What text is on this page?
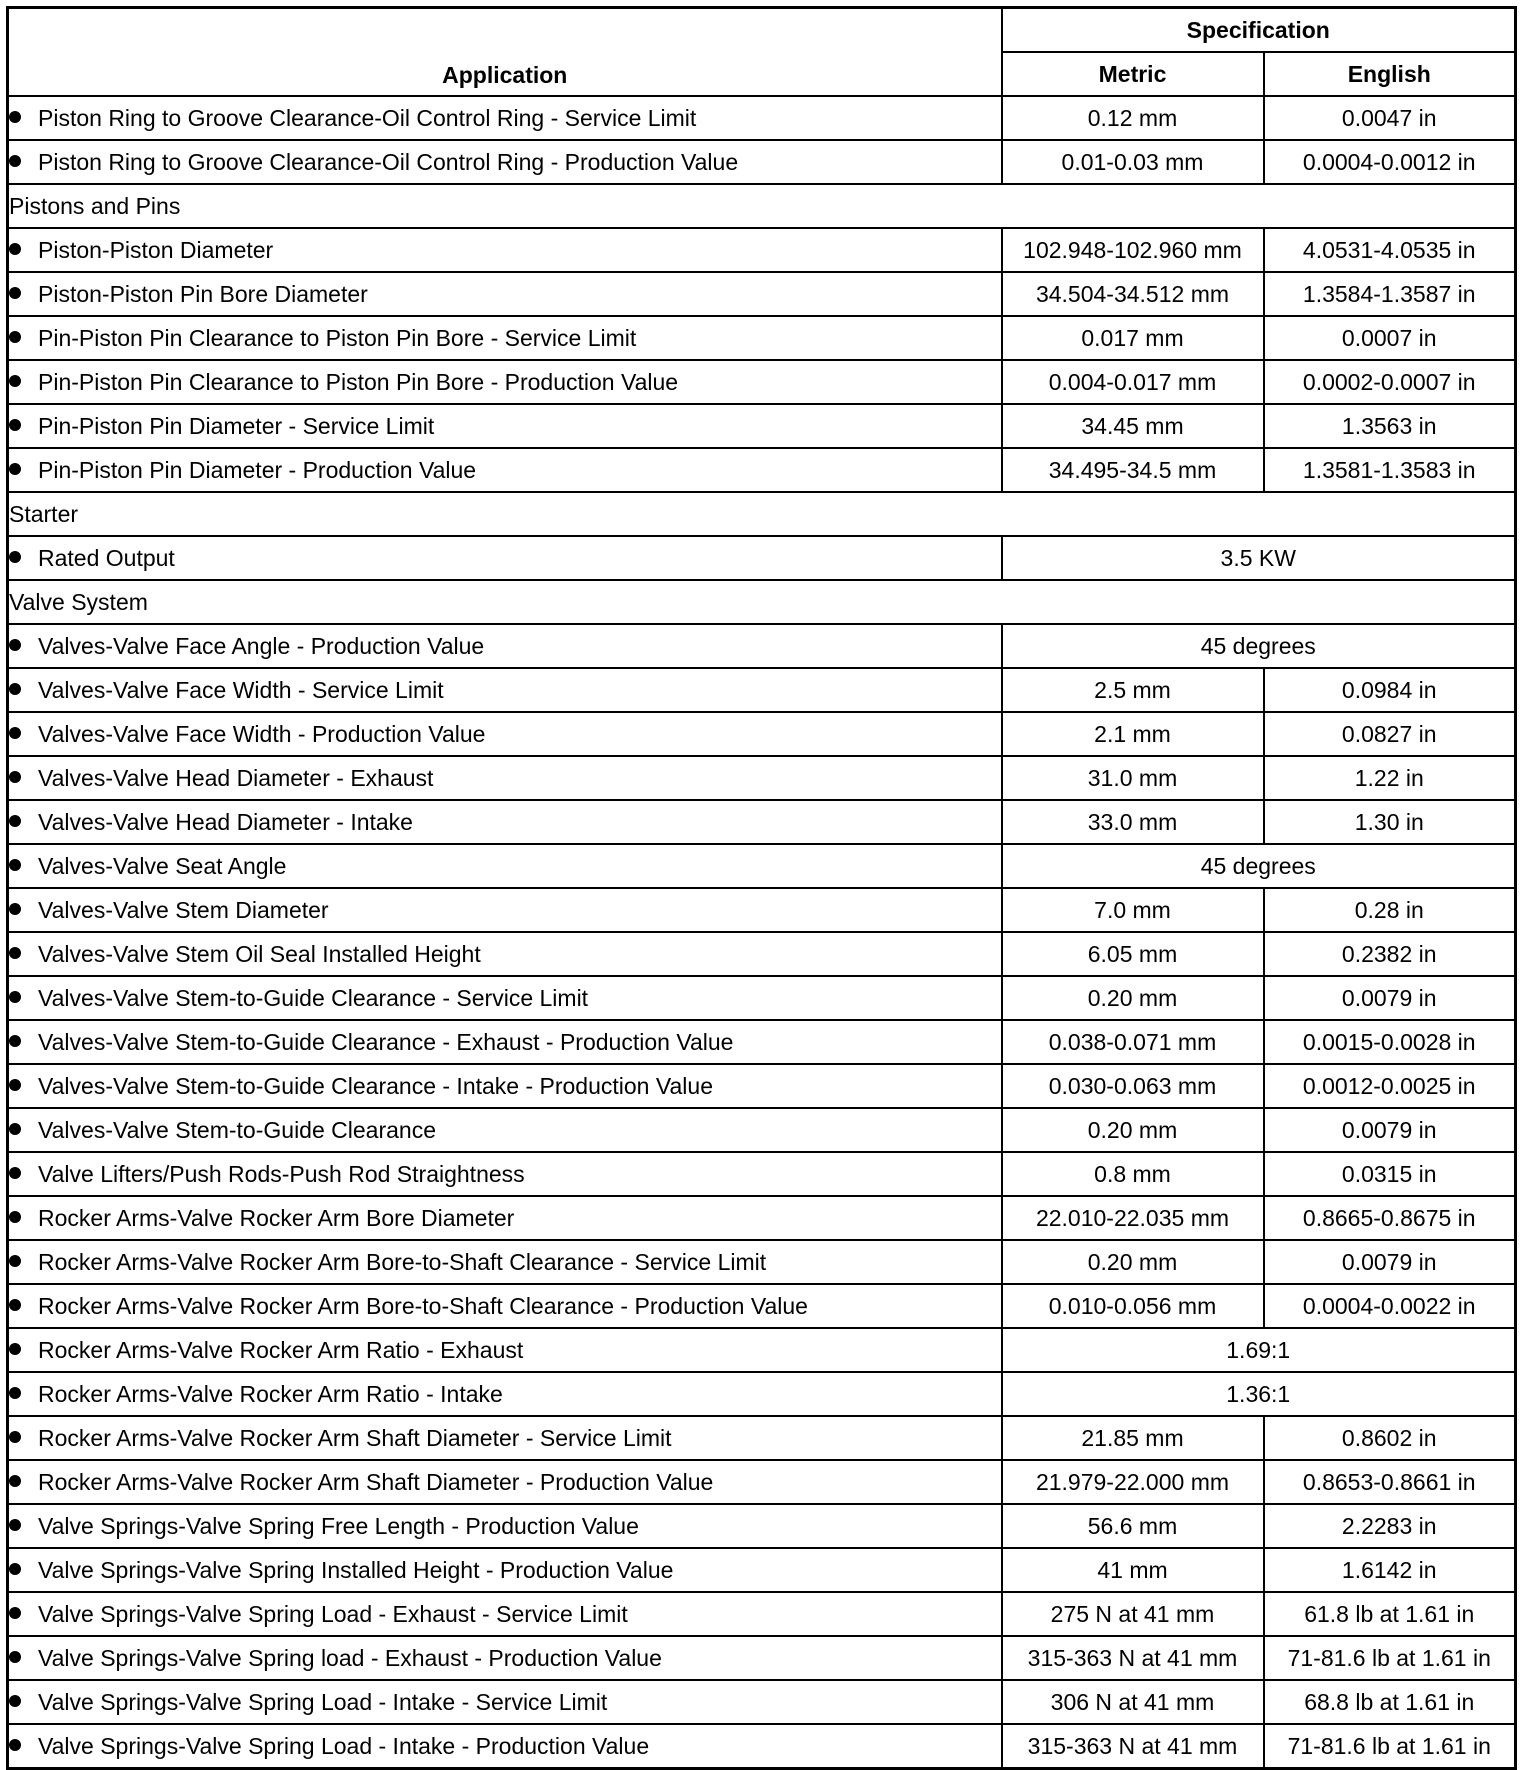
Application	Specification	
	Metric	English
Piston Ring to Groove Clearance-Oil Control Ring - Service Limit	0.12 mm	0.0047 in
Piston Ring to Groove Clearance-Oil Control Ring - Production Value	0.01-0.03 mm	0.0004-0.0012 in
Pistons and Pins		
Piston-Piston Diameter	102.948-102.960 mm	4.0531-4.0535 in
Piston-Piston Pin Bore Diameter	34.504-34.512 mm	1.3584-1.3587 in
Pin-Piston Pin Clearance to Piston Pin Bore - Service Limit	0.017 mm	0.0007 in
Pin-Piston Pin Clearance to Piston Pin Bore - Production Value	0.004-0.017 mm	0.0002-0.0007 in
Pin-Piston Pin Diameter - Service Limit	34.45 mm	1.3563 in
Pin-Piston Pin Diameter - Production Value	34.495-34.5 mm	1.3581-1.3583 in
Starter		
Rated Output	3.5 KW	
Valve System		
Valves-Valve Face Angle - Production Value	45 degrees	
Valves-Valve Face Width - Service Limit	2.5 mm	0.0984 in
Valves-Valve Face Width - Production Value	2.1 mm	0.0827 in
Valves-Valve Head Diameter - Exhaust	31.0 mm	1.22 in
Valves-Valve Head Diameter - Intake	33.0 mm	1.30 in
Valves-Valve Seat Angle	45 degrees	
Valves-Valve Stem Diameter	7.0 mm	0.28 in
Valves-Valve Stem Oil Seal Installed Height	6.05 mm	0.2382 in
Valves-Valve Stem-to-Guide Clearance - Service Limit	0.20 mm	0.0079 in
Valves-Valve Stem-to-Guide Clearance - Exhaust - Production Value	0.038-0.071 mm	0.0015-0.0028 in
Valves-Valve Stem-to-Guide Clearance - Intake - Production Value	0.030-0.063 mm	0.0012-0.0025 in
Valves-Valve Stem-to-Guide Clearance	0.20 mm	0.0079 in
Valve Lifters/Push Rods-Push Rod Straightness	0.8 mm	0.0315 in
Rocker Arms-Valve Rocker Arm Bore Diameter	22.010-22.035 mm	0.8665-0.8675 in
Rocker Arms-Valve Rocker Arm Bore-to-Shaft Clearance - Service Limit	0.20 mm	0.0079 in
Rocker Arms-Valve Rocker Arm Bore-to-Shaft Clearance - Production Value	0.010-0.056 mm	0.0004-0.0022 in
Rocker Arms-Valve Rocker Arm Ratio - Exhaust	1.69:1	
Rocker Arms-Valve Rocker Arm Ratio - Intake	1.36:1	
Rocker Arms-Valve Rocker Arm Shaft Diameter - Service Limit	21.85 mm	0.8602 in
Rocker Arms-Valve Rocker Arm Shaft Diameter - Production Value	21.979-22.000 mm	0.8653-0.8661 in
Valve Springs-Valve Spring Free Length - Production Value	56.6 mm	2.2283 in
Valve Springs-Valve Spring Installed Height - Production Value	41 mm	1.6142 in
Valve Springs-Valve Spring Load - Exhaust - Service Limit	275 N at 41 mm	61.8 lb at 1.61 in
Valve Springs-Valve Spring load - Exhaust - Production Value	315-363 N at 41 mm	71-81.6 lb at 1.61 in
Valve Springs-Valve Spring Load - Intake - Service Limit	306 N at 41 mm	68.8 lb at 1.61 in
Valve Springs-Valve Spring Load - Intake - Production Value	315-363 N at 41 mm	71-81.6 lb at 1.61 in
